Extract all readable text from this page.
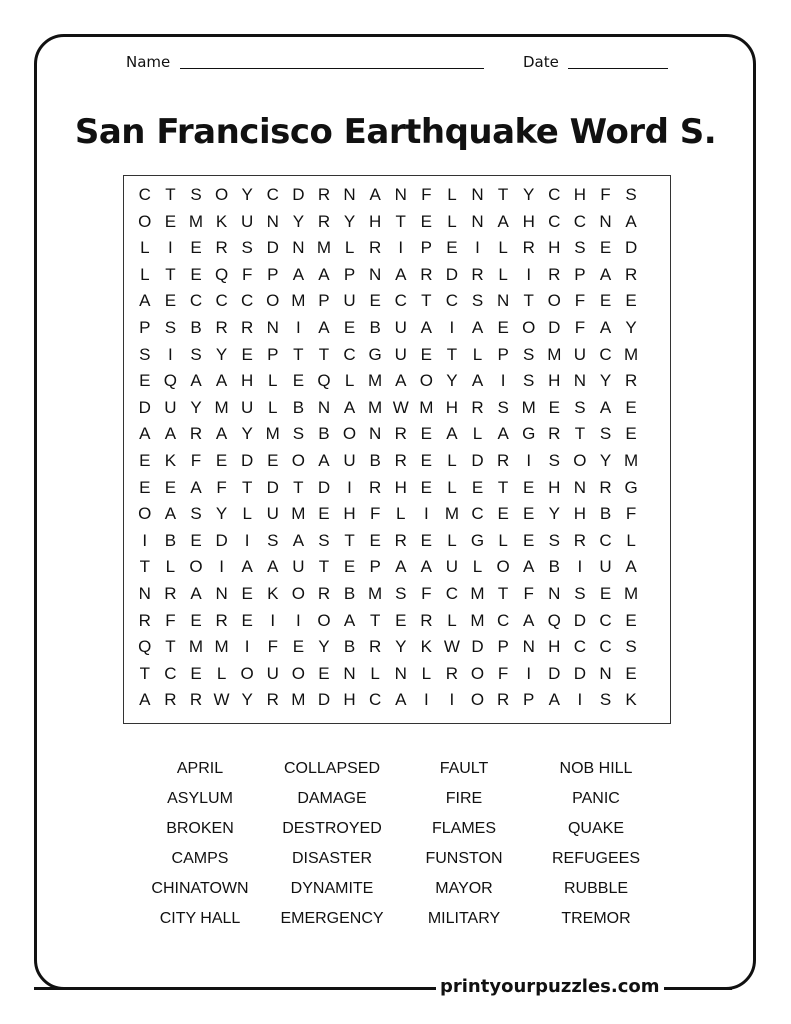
Name	Date
San Francisco Earthquake Word S.
C T S O Y C D R N A N F L N T Y C H F S
O E M K U N Y R Y H T E L N A H C C N A
L	I	E R S D N M L R	I	P E	I	L R H S E D
L T E Q F P A A P N A R D R L	I	R P A R
A E C C C O M P U E C T C S N T O F E E
P S B R R N	I	A E B U A	I	A E O D F A Y
S	I	S Y E P T T C G U E T L P S M U C M
E Q A A H L E Q L M A O Y A	I	S H N Y R
D U Y M U L B N A M W M H R S M E S A E
A A R A Y M S B O N R E A L A G R T S E
E K F E D E O A U B R E L D R	I	S O Y M
E E A F T D T D	I	R H E L E T E H N R G
O A S Y L U M E H F L	I M C E E Y H B F
I	B E D	I	S A S T E R E L G L E S R C L
T L O I	A A U T E P A A U L O A B	I	U A
N R A N E K O R B M S F C M T F N S E M
R F E R E	I	I O A T E R L M C A Q D C E
Q T M M I	F E Y B R Y K W D P N H C C S
T C E L O U O E N L N L R O F	I	D D N E
A R R W Y R M D H C A	I	I O R P A	I	S K
APRIL	COLLAPSED	FAULT	NOB HILL
ASYLUM	DAMAGE	FIRE	PANIC
BROKEN	DESTROYED	FLAMES	QUAKE
CAMPS	DISASTER	FUNSTON	REFUGEES
CHINATOWN	DYNAMITE	MAYOR	RUBBLE
CITY HALL	EMERGENCY	MILITARY	TREMOR
printyourpuzzles.com
